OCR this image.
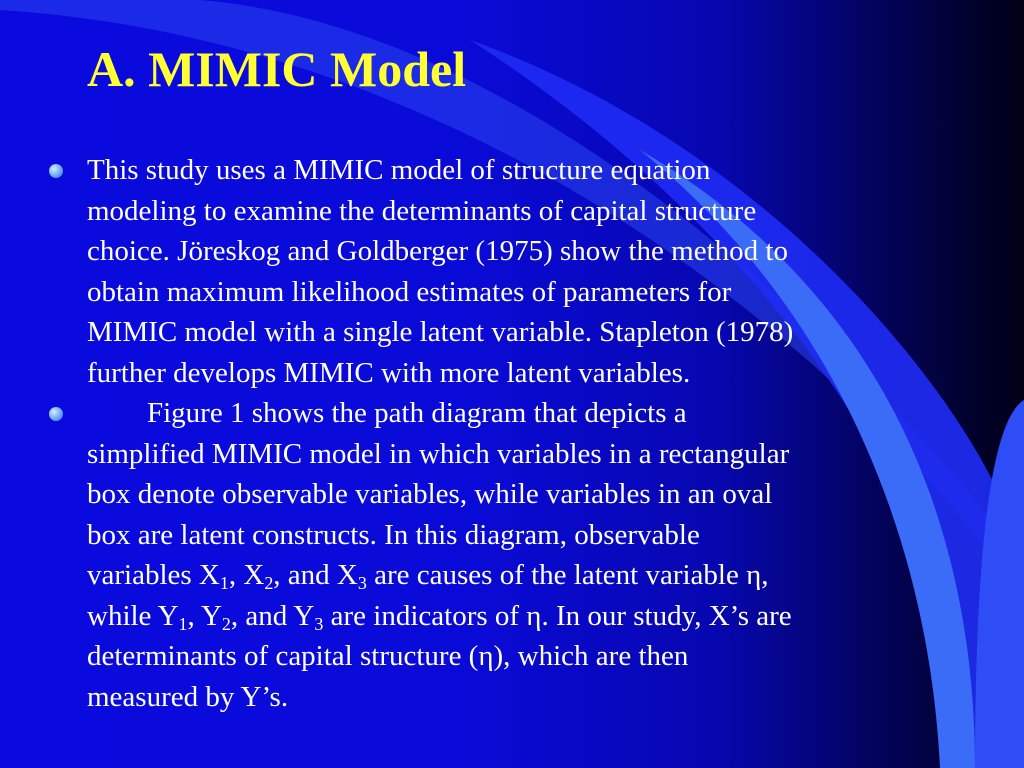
A. MIMIC Model
This study uses a MIMIC model of structure equation
modeling to examine the determinants of capital structure
choice. Jöreskog and Goldberger (1975) show the method to
obtain maximum likelihood estimates of parameters for
MIMIC model with a single latent variable. Stapleton (1978)
further develops MIMIC with more latent variables.
Figure 1 shows the path diagram that depicts a
simplified MIMIC model in which variables in a rectangular
box denote observable variables, while variables in an oval
box are latent constructs. In this diagram, observable
variables $X_1$, $X_2$, and $X_3$ are causes of the latent variable η,
while $Y_1$, $Y_2$, and $Y_3$ are indicators of η. In our study, X’s are
determinants of capital structure (η), which are then
measured by Y’s.
